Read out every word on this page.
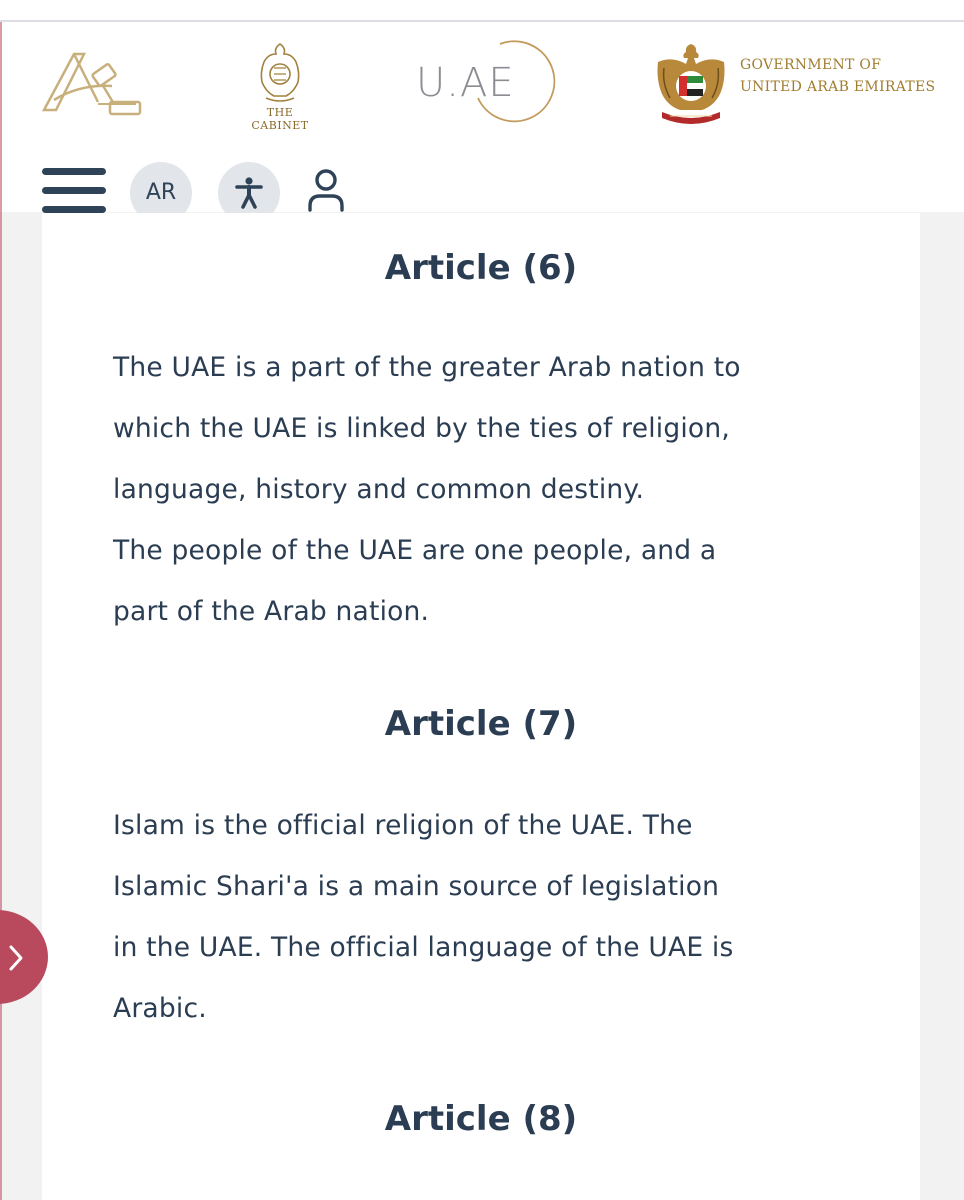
THE CABINET
U.AE	GOVERNMENT OF
UNITED ARAB EMIRATES
AR
Article (6)

The UAE is a part of the greater Arab nation to
which the UAE is linked by the ties of religion,
language, history and common destiny.
The people of the UAE are one people, and a
part of the Arab nation.

Article (7)

Islam is the official religion of the UAE. The
Islamic Shari'a is a main source of legislation
in the UAE. The official language of the UAE is
Arabic.

Article (8)
